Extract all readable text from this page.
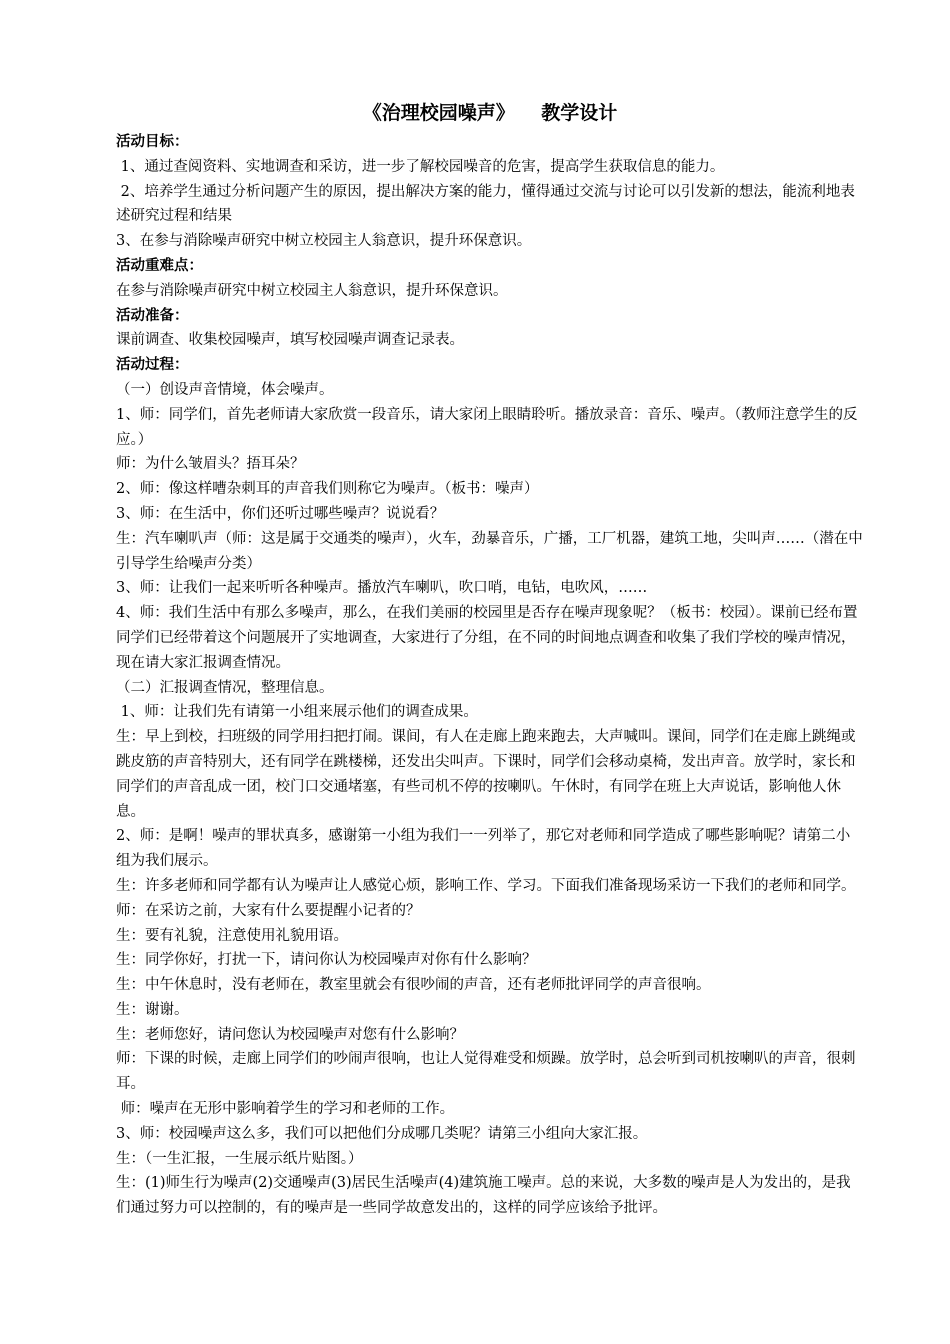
《治理校园噪声》    教学设计

活动目标：

1、通过查阅资料、实地调查和采访，进一步了解校园噪音的危害，提高学生获取信息的能力。

2、培养学生通过分析问题产生的原因，提出解决方案的能力，懂得通过交流与讨论可以引发新的想法，能流利地表述研究过程和结果

3、在参与消除噪声研究中树立校园主人翁意识，提升环保意识。

活动重难点：

在参与消除噪声研究中树立校园主人翁意识，提升环保意识。

活动准备：

课前调查、收集校园噪声，填写校园噪声调查记录表。

活动过程：

（一）创设声音情境，体会噪声。

1、师：同学们，首先老师请大家欣赏一段音乐，请大家闭上眼睛聆听。播放录音：音乐、噪声。（教师注意学生的反应。）

师：为什么皱眉头？捂耳朵？

2、师：像这样嘈杂刺耳的声音我们则称它为噪声。（板书：噪声）

3、师：在生活中，你们还听过哪些噪声？说说看？

生：汽车喇叭声（师：这是属于交通类的噪声），火车，劲暴音乐，广播，工厂机器，建筑工地，尖叫声……（潜在中引导学生给噪声分类）

3、师：让我们一起来听听各种噪声。播放汽车喇叭，吹口哨，电钻，电吹风，……

4、师：我们生活中有那么多噪声，那么，在我们美丽的校园里是否存在噪声现象呢？（板书：校园）。课前已经布置同学们已经带着这个问题展开了实地调查，大家进行了分组，在不同的时间地点调查和收集了我们学校的噪声情况，现在请大家汇报调查情况。

（二）汇报调查情况，整理信息。

1、师：让我们先有请第一小组来展示他们的调查成果。

生：早上到校，扫班级的同学用扫把打闹。课间，有人在走廊上跑来跑去，大声喊叫。课间，同学们在走廊上跳绳或跳皮筋的声音特别大，还有同学在跳楼梯，还发出尖叫声。下课时，同学们会移动桌椅，发出声音。放学时，家长和同学们的声音乱成一团，校门口交通堵塞，有些司机不停的按喇叭。午休时，有同学在班上大声说话，影响他人休息。

2、师：是啊！噪声的罪状真多，感谢第一小组为我们一一列举了，那它对老师和同学造成了哪些影响呢？请第二小组为我们展示。

生：许多老师和同学都有认为噪声让人感觉心烦，影响工作、学习。下面我们准备现场采访一下我们的老师和同学。

师：在采访之前，大家有什么要提醒小记者的？

生：要有礼貌，注意使用礼貌用语。

生：同学你好，打扰一下，请问你认为校园噪声对你有什么影响？

生：中午休息时，没有老师在，教室里就会有很吵闹的声音，还有老师批评同学的声音很响。

生：谢谢。

生：老师您好，请问您认为校园噪声对您有什么影响？

师：下课的时候，走廊上同学们的吵闹声很响，也让人觉得难受和烦躁。放学时，总会听到司机按喇叭的声音，很刺耳。

师：噪声在无形中影响着学生的学习和老师的工作。

3、师：校园噪声这么多，我们可以把他们分成哪几类呢？请第三小组向大家汇报。

生：（一生汇报，一生展示纸片贴图。）

生：(1)师生行为噪声(2)交通噪声(3)居民生活噪声(4)建筑施工噪声。总的来说，大多数的噪声是人为发出的，是我们通过努力可以控制的，有的噪声是一些同学故意发出的，这样的同学应该给予批评。
